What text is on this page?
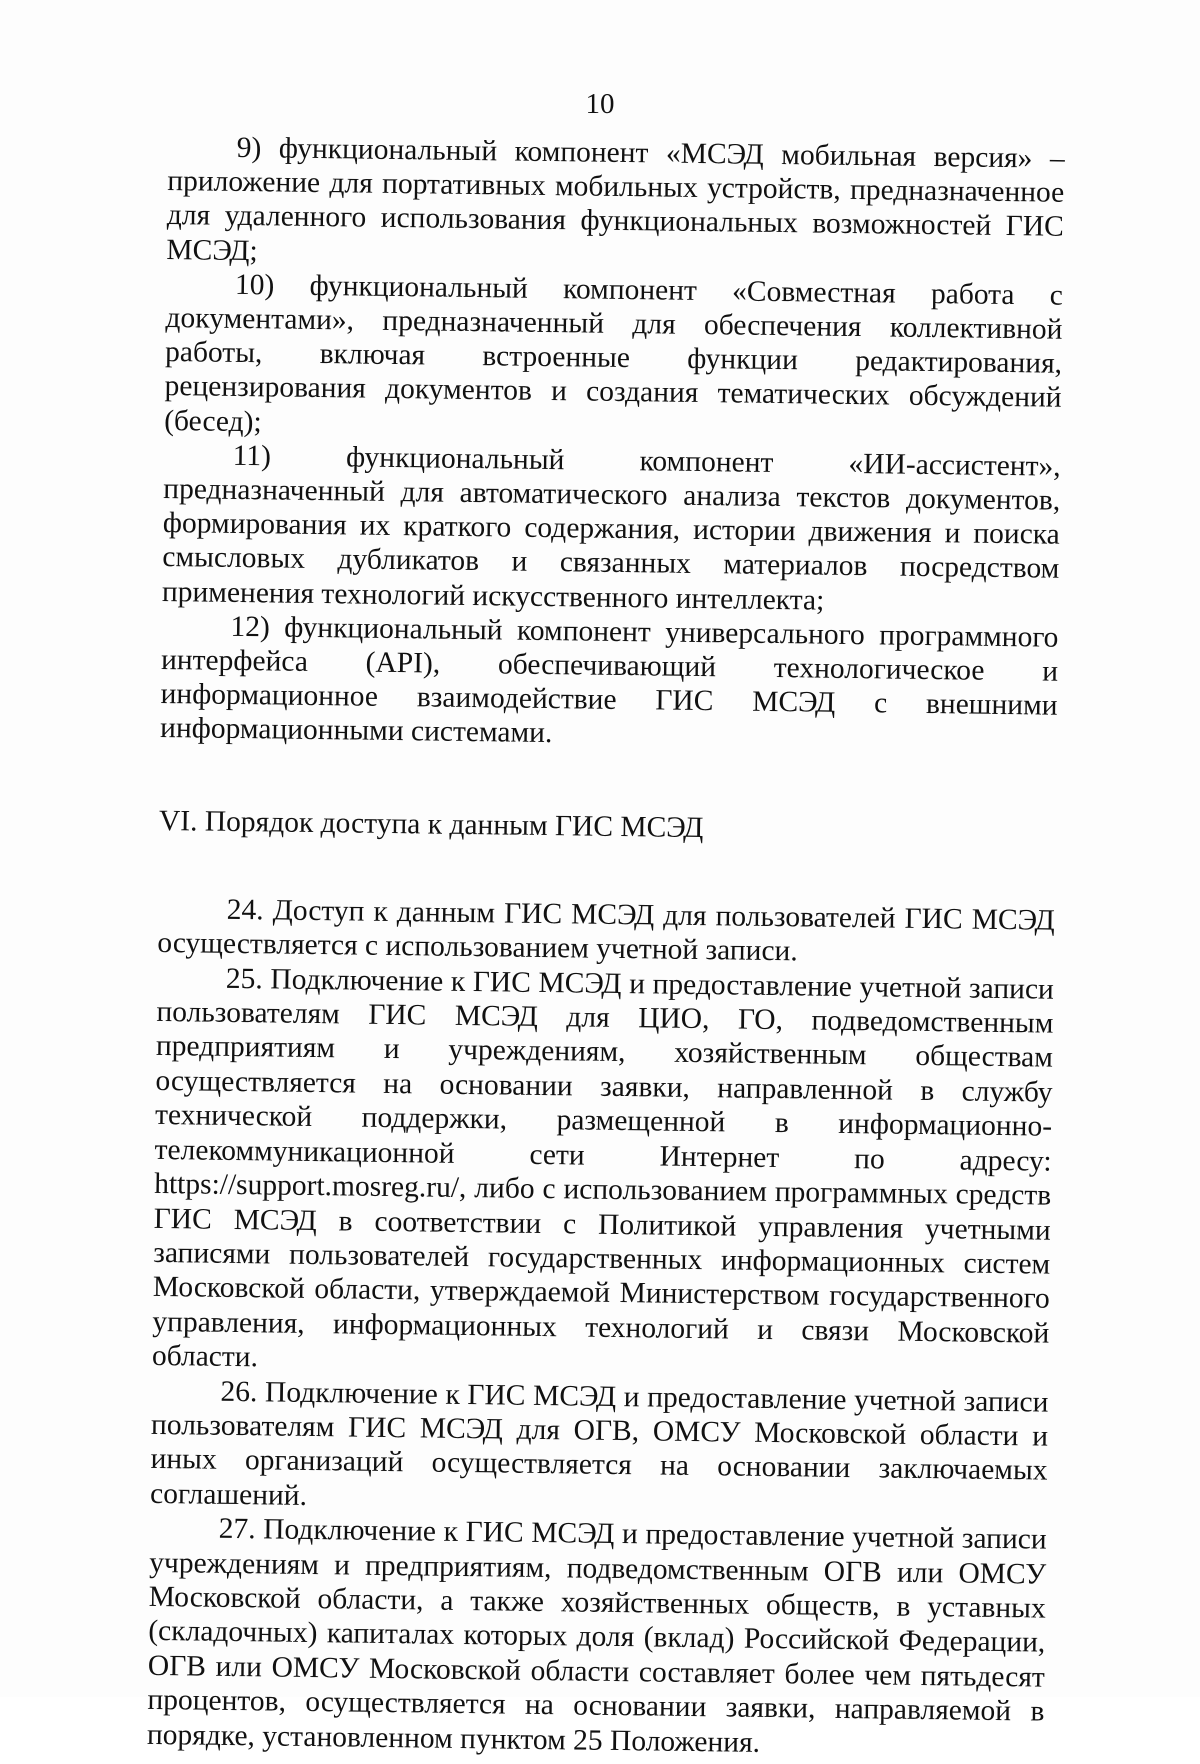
10

9) функциональный компонент «МСЭД мобильная версия» – приложение для портативных мобильных устройств, предназначенное для удаленного использования функциональных возможностей ГИС МСЭД;

10) функциональный компонент «Совместная работа с документами», предназначенный для обеспечения коллективной работы, включая встроенные функции редактирования, рецензирования документов и создания тематических обсуждений (бесед);

11) функциональный компонент «ИИ-ассистент», предназначенный для автоматического анализа текстов документов, формирования их краткого содержания, истории движения и поиска смысловых дубликатов и связанных материалов посредством применения технологий искусственного интеллекта;

12) функциональный компонент универсального программного интерфейса (API), обеспечивающий технологическое и информационное взаимодействие ГИС МСЭД с внешними информационными системами.

VI. Порядок доступа к данным ГИС МСЭД

24. Доступ к данным ГИС МСЭД для пользователей ГИС МСЭД осуществляется с использованием учетной записи.

25. Подключение к ГИС МСЭД и предоставление учетной записи пользователям ГИС МСЭД для ЦИО, ГО, подведомственным предприятиям и учреждениям, хозяйственным обществам осуществляется на основании заявки, направленной в службу технической поддержки, размещенной в информационно-телекоммуникационной сети Интернет по адресу: https://support.mosreg.ru/, либо с использованием программных средств ГИС МСЭД в соответствии с Политикой управления учетными записями пользователей государственных информационных систем Московской области, утверждаемой Министерством государственного управления, информационных технологий и связи Московской области.

26. Подключение к ГИС МСЭД и предоставление учетной записи пользователям ГИС МСЭД для ОГВ, ОМСУ Московской области и иных организаций осуществляется на основании заключаемых соглашений.

27. Подключение к ГИС МСЭД и предоставление учетной записи учреждениям и предприятиям, подведомственным ОГВ или ОМСУ Московской области, а также хозяйственных обществ, в уставных (складочных) капиталах которых доля (вклад) Российской Федерации, ОГВ или ОМСУ Московской области составляет более чем пятьдесят процентов, осуществляется на основании заявки, направляемой в порядке, установленном пунктом 25 Положения.
